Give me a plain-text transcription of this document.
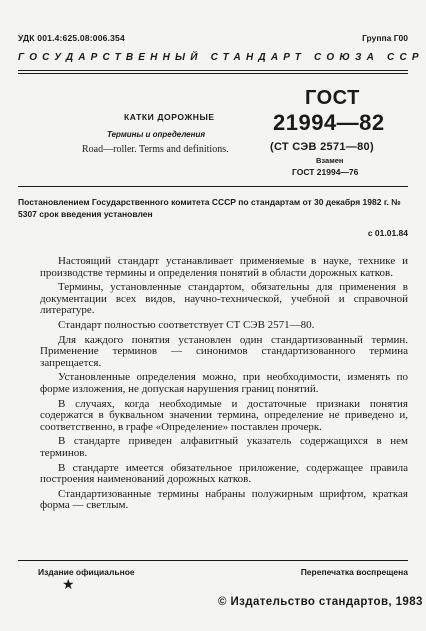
УДК 001.4:625.08:006.354	Группа Г00
ГОСУДАРСТВЕННЫЙ СТАНДАРТ СОЮЗА ССР
КАТКИ ДОРОЖНЫЕ
Термины и определения
Road—roller. Terms and definitions.
ГОСТ
21994—82
(СТ СЭВ 2571—80)
Взамен
ГОСТ 21994—76
Постановлением Государственного комитета СССР по стандартам от 30 декабря 1982 г. № 5307 срок введения установлен
с 01.01.84

Настоящий стандарт устанавливает применяемые в науке, технике и производстве термины и определения понятий в области дорожных катков.

Термины, установленные стандартом, обязательны для применения в документации всех видов, научно-технической, учебной и справочной литературе.

Стандарт полностью соответствует СТ СЭВ 2571—80.

Для каждого понятия установлен один стандартизованный термин. Применение терминов — синонимов стандартизованного термина запрещается.

Установленные определения можно, при необходимости, изменять по форме изложения, не допуская нарушения границ понятий.

В случаях, когда необходимые и достаточные признаки понятия содержатся в буквальном значении термина, определение не приведено и, соответственно, в графе «Определение» поставлен прочерк.

В стандарте приведен алфавитный указатель содержащихся в нем терминов.

В стандарте имеется обязательное приложение, содержащее правила построения наименований дорожных катков.

Стандартизованные термины набраны полужирным шрифтом, краткая форма — светлым.

Издание официальное	Перепечатка воспрещена
★
© Издательство стандартов, 1983
